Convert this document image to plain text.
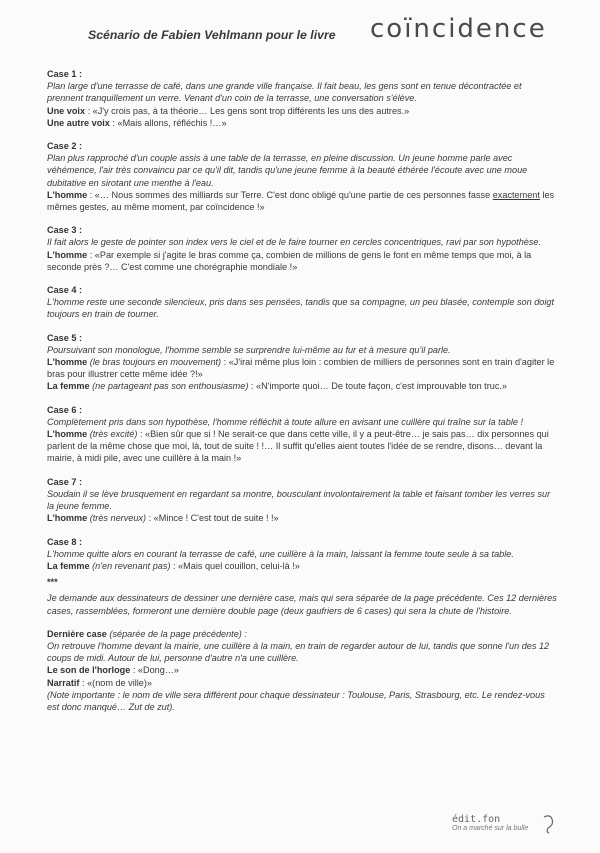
Scénario de Fabien Vehlmann pour le livre coïncidence
Case 1 :
Plan large d'une terrasse de café, dans une grande ville française. Il fait beau, les gens sont en tenue décontractée et prennent tranquillement un verre. Venant d'un coin de la terrasse, une conversation s'élève.
Une voix : «J'y crois pas, à ta théorie… Les gens sont trop différents les uns des autres.»
Une autre voix : «Mais allons, réfléchis !…»
Case 2 :
Plan plus rapproché d'un couple assis à une table de la terrasse, en pleine discussion. Un jeune homme parle avec véhémence, l'air très convaincu par ce qu'il dit, tandis qu'une jeune femme à la beauté éthérée l'écoute avec une moue dubitative en sirotant une menthe à l'eau.
L'homme : «… Nous sommes des milliards sur Terre. C'est donc obligé qu'une partie de ces personnes fasse exactement les mêmes gestes, au même moment, par coïncidence !»
Case 3 :
Il fait alors le geste de pointer son index vers le ciel et de le faire tourner en cercles concentriques, ravi par son hypothèse.
L'homme : «Par exemple si j'agite le bras comme ça, combien de millions de gens le font en même temps que moi, à la seconde près ?… C'est comme une chorégraphie mondiale !»
Case 4 :
L'homme reste une seconde silencieux, pris dans ses pensées, tandis que sa compagne, un peu blasée, contemple son doigt toujours en train de tourner.
Case 5 :
Poursuivant son monologue, l'homme semble se surprendre lui-même au fur et à mesure qu'il parle.
L'homme (le bras toujours en mouvement) : «J'irai même plus loin : combien de milliers de personnes sont en train d'agiter le bras pour illustrer cette même idée ?!»
La femme (ne partageant pas son enthousiasme) : «N'importe quoi… De toute façon, c'est improuvable ton truc.»
Case 6 :
Complètement pris dans son hypothèse, l'homme réfléchit à toute allure en avisant une cuillère qui traîne sur la table !
L'homme (très excité) : «Bien sûr que si ! Ne serait-ce que dans cette ville, il y a peut-être… je sais pas… dix personnes qui parlent de la même chose que moi, là, tout de suite ! !… Il suffit qu'elles aient toutes l'idée de se rendre, disons… devant la mairie, à midi pile, avec une cuillère à la main !»
Case 7 :
Soudain il se lève brusquement en regardant sa montre, bousculant involontairement la table et faisant tomber les verres sur la jeune femme.
L'homme (très nerveux) : «Mince ! C'est tout de suite ! !»
Case 8 :
L'homme quitte alors en courant la terrasse de café, une cuillère à la main, laissant la femme toute seule à sa table.
La femme (n'en revenant pas) : «Mais quel couillon, celui-là !»
***
Je demande aux dessinateurs de dessiner une dernière case, mais qui sera séparée de la page précédente. Ces 12 dernières cases, rassemblées, formeront une dernière double page (deux gaufriers de 6 cases) qui sera la chute de l'histoire.
Dernière case (séparée de la page précédente) :
On retrouve l'homme devant la mairie, une cuillère à la main, en train de regarder autour de lui, tandis que sonne l'un des 12 coups de midi. Autour de lui, personne d'autre n'a une cuillère.
Le son de l'horloge : «Dong…»
Narratif : «(nom de ville)»
(Note importante : le nom de ville sera différent pour chaque dessinateur : Toulouse, Paris, Strasbourg, etc. Le rendez-vous est donc manqué… Zut de zut).
édit.fon
On a marché sur la bulle
